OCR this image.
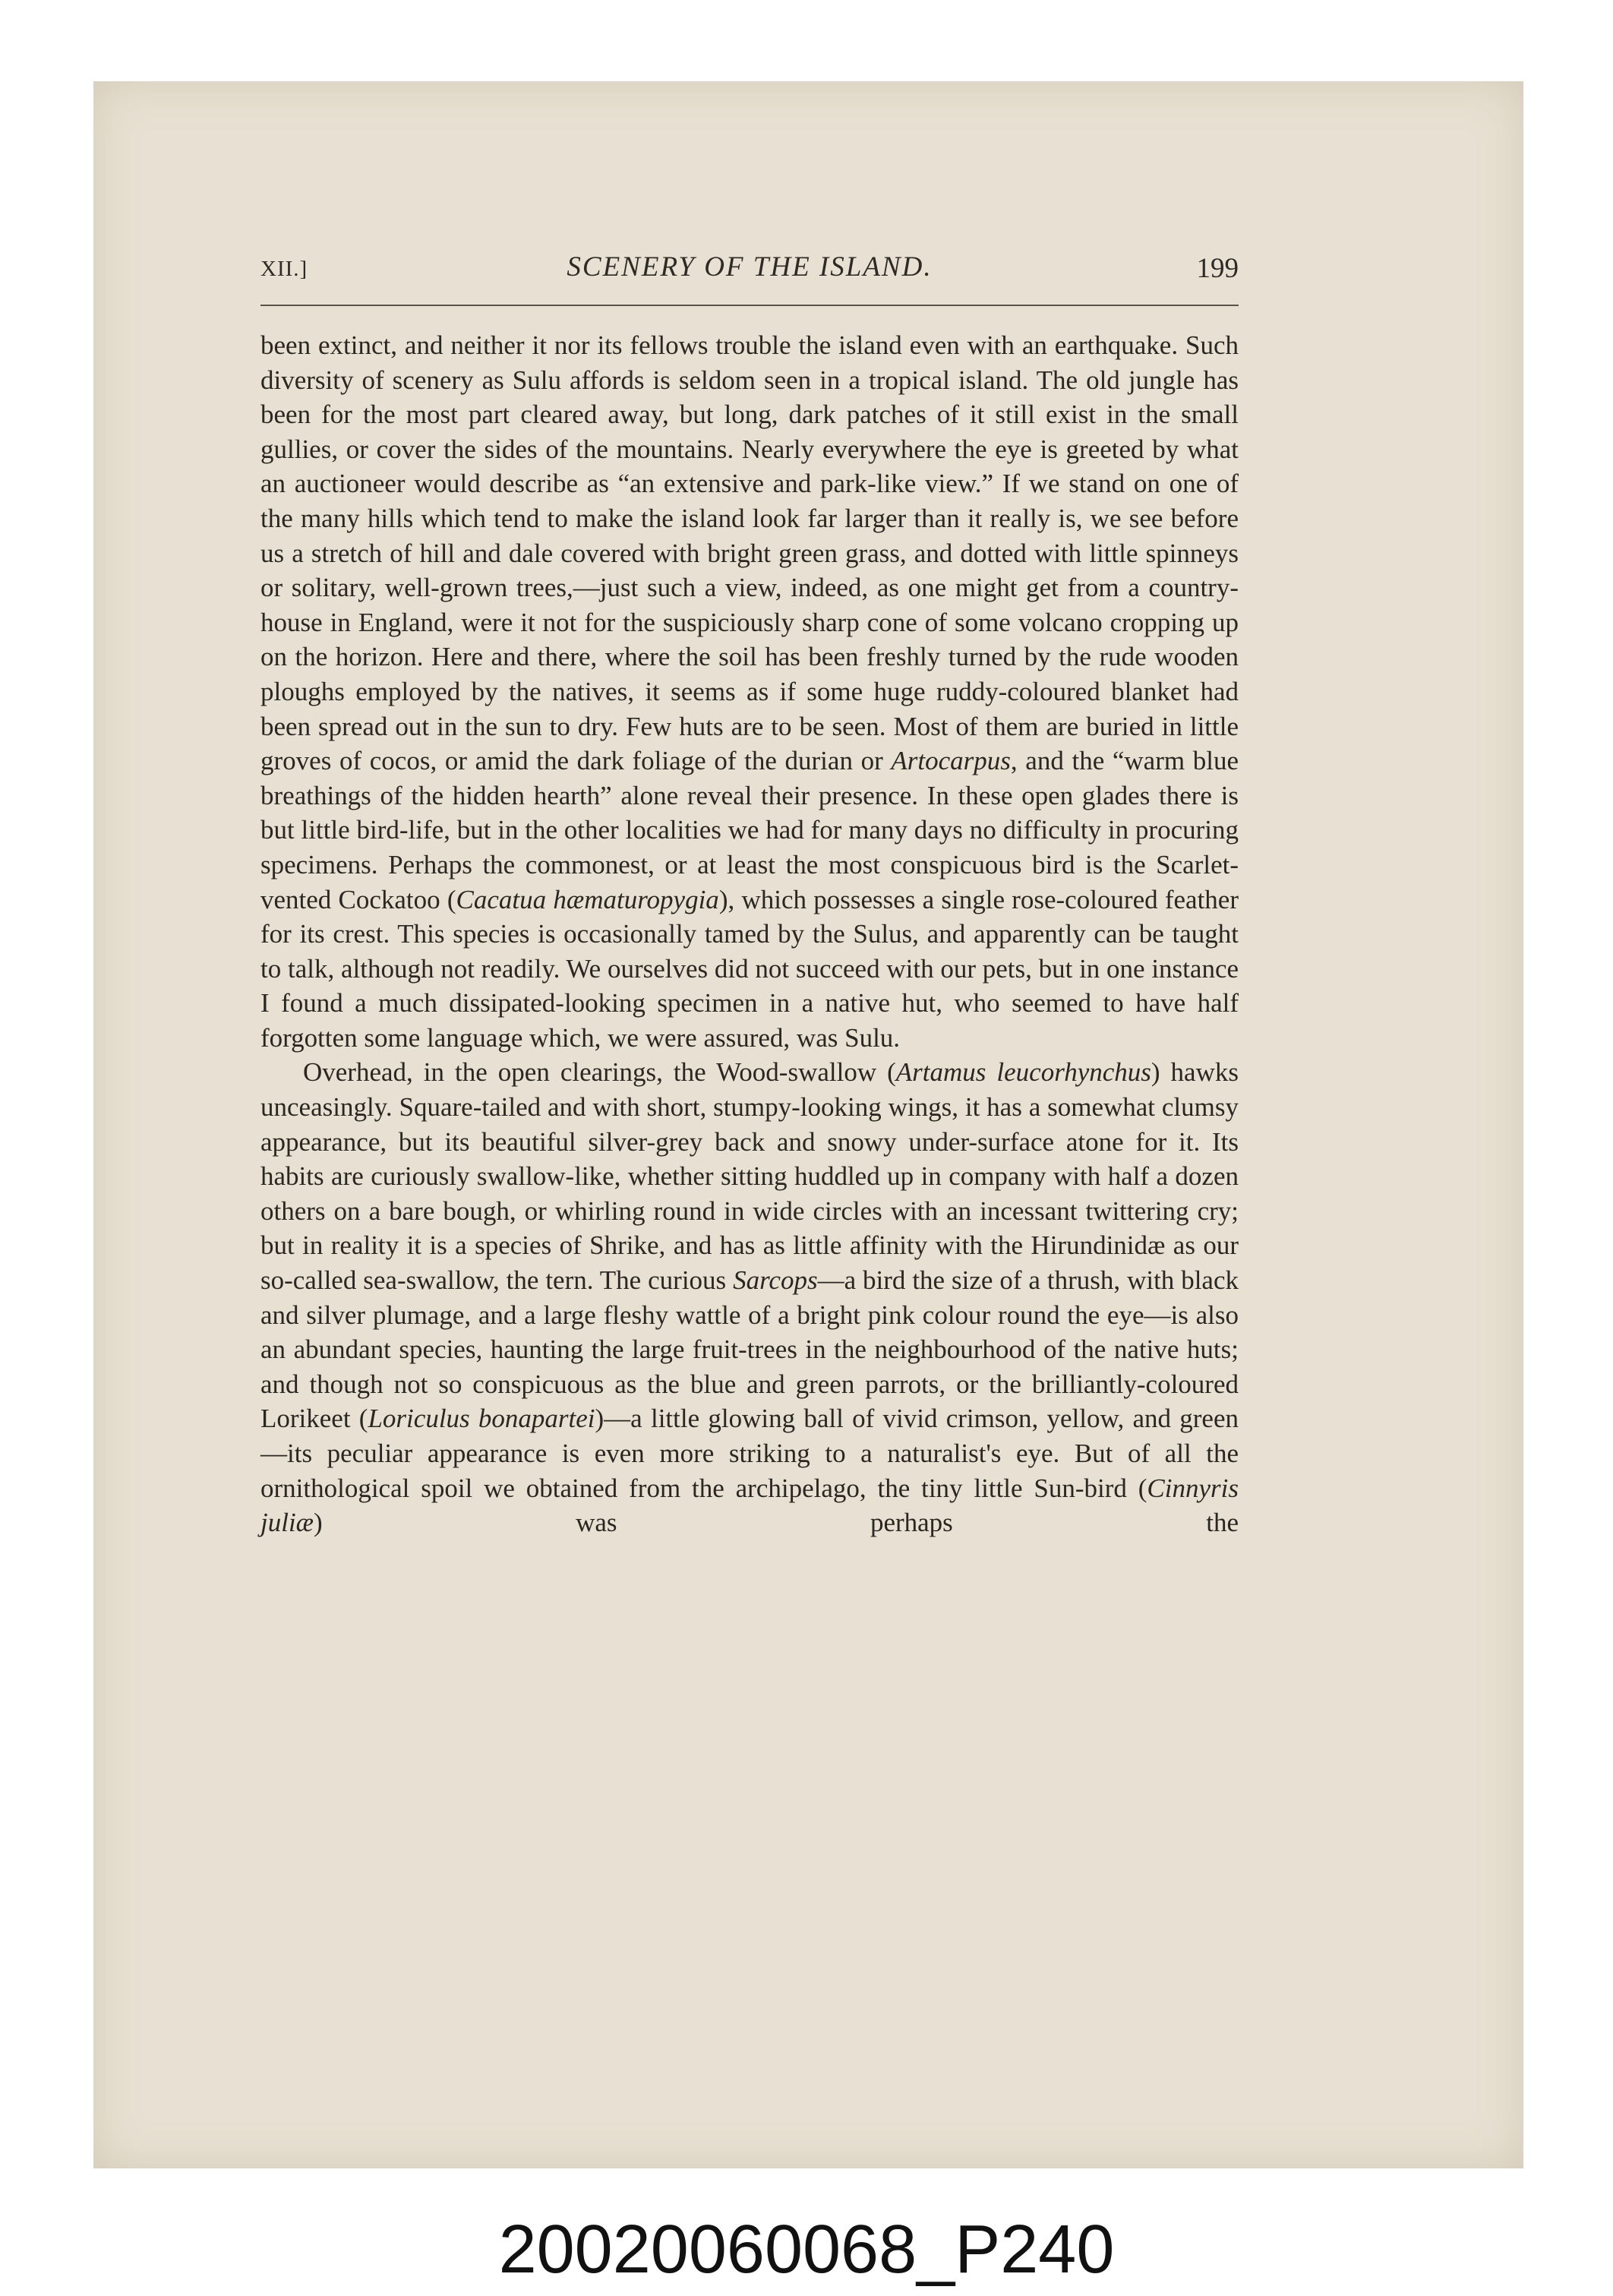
XII.]	SCENERY OF THE ISLAND.	199

been extinct, and neither it nor its fellows trouble the island even with an earthquake. Such diversity of scenery as Sulu affords is seldom seen in a tropical island. The old jungle has been for the most part cleared away, but long, dark patches of it still exist in the small gullies, or cover the sides of the mountains. Nearly everywhere the eye is greeted by what an auctioneer would describe as “an extensive and park-like view.” If we stand on one of the many hills which tend to make the island look far larger than it really is, we see before us a stretch of hill and dale covered with bright green grass, and dotted with little spinneys or solitary, well-grown trees,—just such a view, indeed, as one might get from a country-house in England, were it not for the suspiciously sharp cone of some volcano cropping up on the horizon. Here and there, where the soil has been freshly turned by the rude wooden ploughs employed by the natives, it seems as if some huge ruddy-coloured blanket had been spread out in the sun to dry. Few huts are to be seen. Most of them are buried in little groves of cocos, or amid the dark foliage of the durian or Artocarpus, and the “warm blue breathings of the hidden hearth” alone reveal their presence. In these open glades there is but little bird-life, but in the other localities we had for many days no difficulty in procuring specimens. Perhaps the commonest, or at least the most conspicuous bird is the Scarlet-vented Cockatoo (Cacatua hæmaturopygia), which possesses a single rose-coloured feather for its crest. This species is occasionally tamed by the Sulus, and apparently can be taught to talk, although not readily. We ourselves did not succeed with our pets, but in one instance I found a much dissipated-looking specimen in a native hut, who seemed to have half forgotten some language which, we were assured, was Sulu.

Overhead, in the open clearings, the Wood-swallow (Artamus leucorhynchus) hawks unceasingly. Square-tailed and with short, stumpy-looking wings, it has a somewhat clumsy appearance, but its beautiful silver-grey back and snowy under-surface atone for it. Its habits are curiously swallow-like, whether sitting huddled up in company with half a dozen others on a bare bough, or whirling round in wide circles with an incessant twittering cry; but in reality it is a species of Shrike, and has as little affinity with the Hirundinidæ as our so-called sea-swallow, the tern. The curious Sarcops—a bird the size of a thrush, with black and silver plumage, and a large fleshy wattle of a bright pink colour round the eye—is also an abundant species, haunting the large fruit-trees in the neighbourhood of the native huts; and though not so conspicuous as the blue and green parrots, or the brilliantly-coloured Lorikeet (Loriculus bonapartei)—a little glowing ball of vivid crimson, yellow, and green—its peculiar appearance is even more striking to a naturalist's eye. But of all the ornithological spoil we obtained from the archipelago, the tiny little Sun-bird (Cinnyris juliæ) was perhaps the

20020060068_P240
